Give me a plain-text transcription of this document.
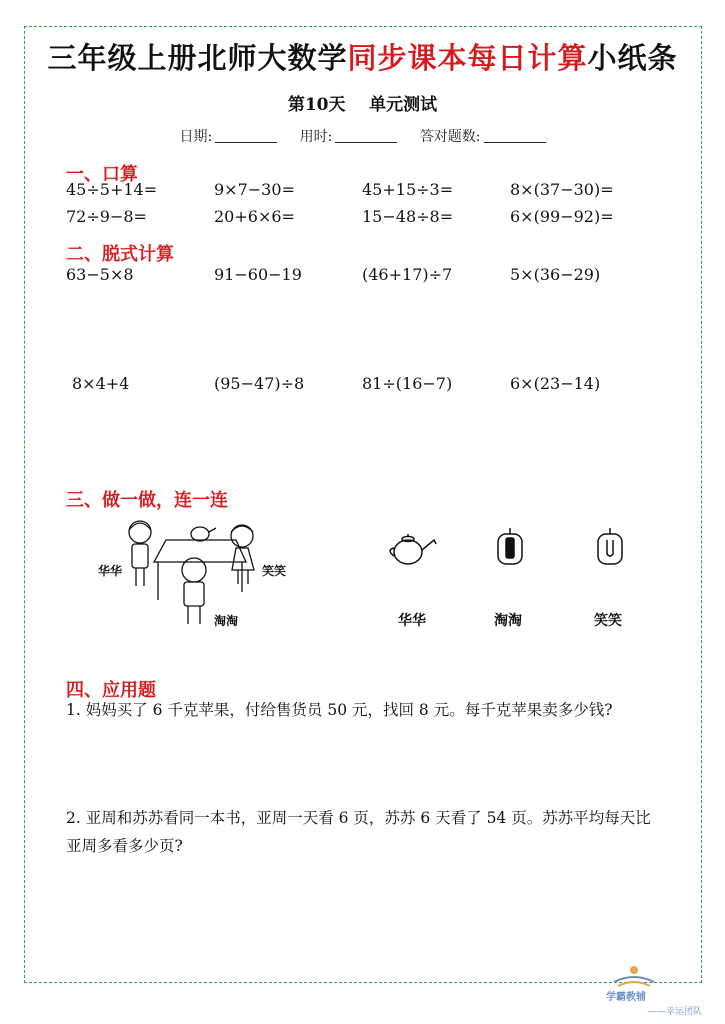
三年级上册北师大数学同步课本每日计算小纸条
第10天    单元测试
日期:	用时:	答对题数:
一、口算
45÷5+14=	9×7−30=	45+15÷3=	8×(37−30)=
72÷9−8=	20+6×6=	15−48÷8=	6×(99−92)=
二、脱式计算
63−5×8	91−60−19	(46+17)÷7	5×(36−29)
8×4+4	(95−47)÷8	81÷(16−7)	6×(23−14)
三、做一做，连一连
华华
淘淘
笑笑
华华	淘淘	笑笑
四、应用题
1. 妈妈买了 6 千克苹果，付给售货员 50 元，找回 8 元。每千克苹果卖多少钱?
2. 亚周和苏苏看同一本书，亚周一天看 6 页，苏苏 6 天看了 54 页。苏苏平均每天比亚周多看多少页?
学霸教辅
——幸运团队
